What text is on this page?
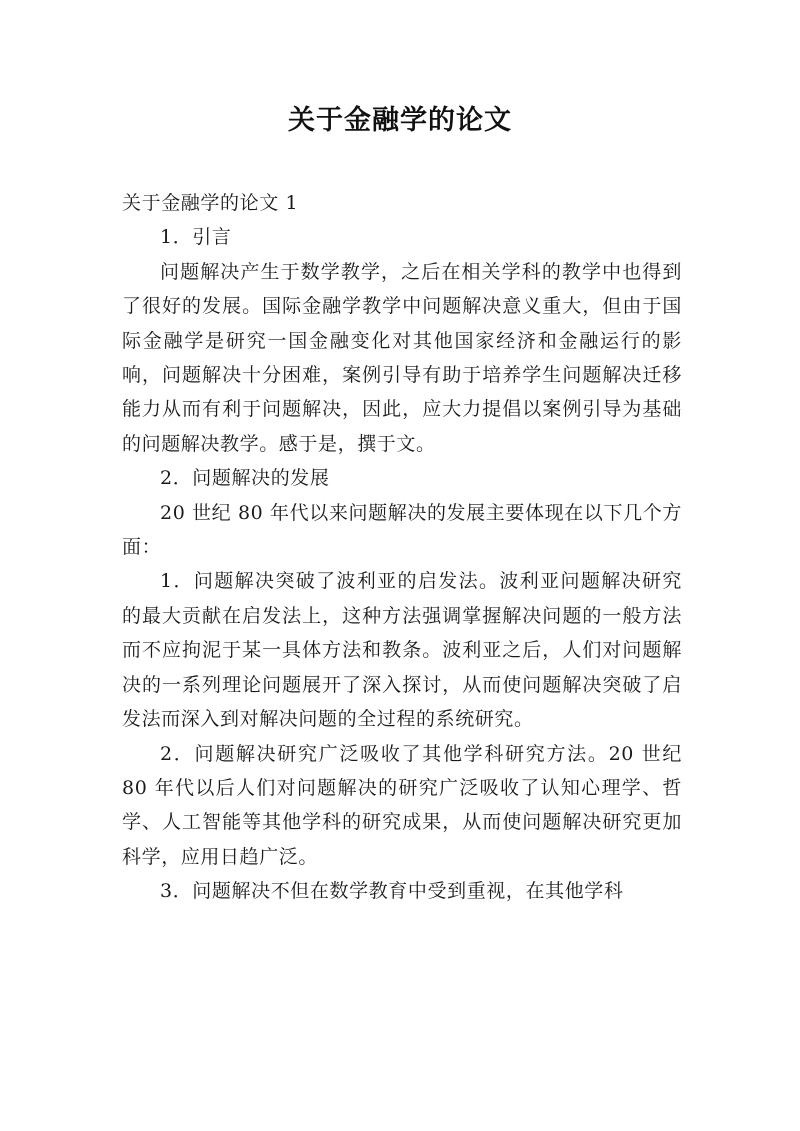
关于金融学的论文

关于金融学的论文 1

1．引言

问题解决产生于数学教学，之后在相关学科的教学中也得到了很好的发展。国际金融学教学中问题解决意义重大，但由于国际金融学是研究一国金融变化对其他国家经济和金融运行的影响，问题解决十分困难，案例引导有助于培养学生问题解决迁移能力从而有利于问题解决，因此，应大力提倡以案例引导为基础的问题解决教学。感于是，撰于文。

2．问题解决的发展

20 世纪 80 年代以来问题解决的发展主要体现在以下几个方面：

1．问题解决突破了波利亚的启发法。波利亚问题解决研究的最大贡献在启发法上，这种方法强调掌握解决问题的一般方法而不应拘泥于某一具体方法和教条。波利亚之后，人们对问题解决的一系列理论问题展开了深入探讨，从而使问题解决突破了启发法而深入到对解决问题的全过程的系统研究。

2．问题解决研究广泛吸收了其他学科研究方法。20 世纪 80 年代以后人们对问题解决的研究广泛吸收了认知心理学、哲学、人工智能等其他学科的研究成果，从而使问题解决研究更加科学，应用日趋广泛。

3．问题解决不但在数学教育中受到重视，在其他学科
